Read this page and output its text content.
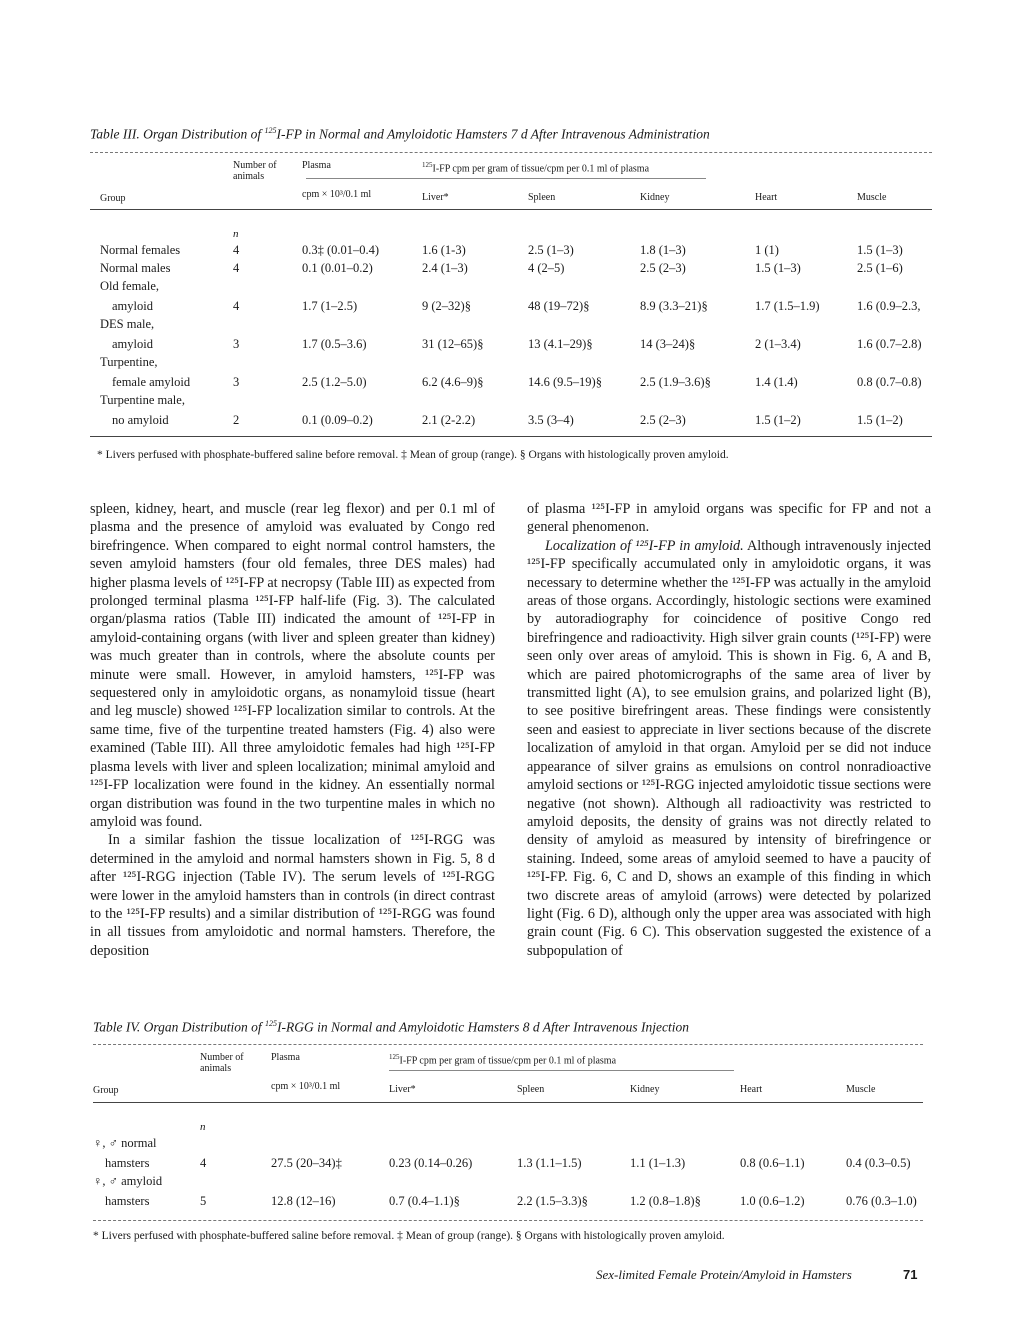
Table III. Organ Distribution of $^{125}$I-FP in Normal and Amyloidotic Hamsters 7 d After Intravenous Administration
Group	Number of animals	
Plasma
cpm × 10³/0.1 ml

$^{125}$I-FP cpm per gram of tissue/cpm per 0.1 ml of plasma
Liver*	Spleen	Kidney	Heart	Muscle
	n						
Normal females	4	0.3‡ (0.01–0.4)	1.6 (1-3)	2.5 (1–3)	1.8 (1–3)	1 (1)	1.5 (1–3)
Normal males	4	0.1 (0.01–0.2)	2.4 (1–3)	4 (2–5)	2.5 (2–3)	1.5 (1–3)	2.5 (1–6)
Old female,							
amyloid	4	1.7 (1–2.5)	9 (2–32)§	48 (19–72)§	8.9 (3.3–21)§	1.7 (1.5–1.9)	1.6 (0.9–2.3,
DES male,							
amyloid	3	1.7 (0.5–3.6)	31 (12–65)§	13 (4.1–29)§	14 (3–24)§	2 (1–3.4)	1.6 (0.7–2.8)
Turpentine,							
female amyloid	3	2.5 (1.2–5.0)	6.2 (4.6–9)§	14.6 (9.5–19)§	2.5 (1.9–3.6)§	1.4 (1.4)	0.8 (0.7–0.8)
Turpentine male,							
no amyloid	2	0.1 (0.09–0.2)	2.1 (2-2.2)	3.5 (3–4)	2.5 (2–3)	1.5 (1–2)	1.5 (1–2)
* Livers perfused with phosphate-buffered saline before removal. ‡ Mean of group (range). § Organs with histologically proven amyloid.

spleen, kidney, heart, and muscle (rear leg flexor) and per 0.1 ml of plasma and the presence of amyloid was evaluated by Congo red birefringence. When compared to eight normal control hamsters, the seven amyloid hamsters (four old females, three DES males) had higher plasma levels of ¹²⁵I-FP at necropsy (Table III) as expected from prolonged terminal plasma ¹²⁵I-FP half-life (Fig. 3). The calculated organ/plasma ratios (Table III) indicated the amount of ¹²⁵I-FP in amyloid-containing organs (with liver and spleen greater than kidney) was much greater than in controls, where the absolute counts per minute were small. However, in amyloid hamsters, ¹²⁵I-FP was sequestered only in amyloidotic organs, as nonamyloid tissue (heart and leg muscle) showed ¹²⁵I-FP localization similar to controls. At the same time, five of the turpentine treated hamsters (Fig. 4) also were examined (Table III). All three amyloidotic females had high ¹²⁵I-FP plasma levels with liver and spleen localization; minimal amyloid and ¹²⁵I-FP localization were found in the kidney. An essentially normal organ distribution was found in the two turpentine males in which no amyloid was found.

In a similar fashion the tissue localization of ¹²⁵I-RGG was determined in the amyloid and normal hamsters shown in Fig. 5, 8 d after ¹²⁵I-RGG injection (Table IV). The serum levels of ¹²⁵I-RGG were lower in the amyloid hamsters than in controls (in direct contrast to the ¹²⁵I-FP results) and a similar distribution of ¹²⁵I-RGG was found in all tissues from amyloidotic and normal hamsters. Therefore, the deposition

of plasma ¹²⁵I-FP in amyloid organs was specific for FP and not a general phenomenon.

Localization of ¹²⁵I-FP in amyloid. Although intravenously injected ¹²⁵I-FP specifically accumulated only in amyloidotic organs, it was necessary to determine whether the ¹²⁵I-FP was actually in the amyloid areas of those organs. Accordingly, histologic sections were examined by autoradiography for coincidence of positive Congo red birefringence and radioactivity. High silver grain counts (¹²⁵I-FP) were seen only over areas of amyloid. This is shown in Fig. 6, A and B, which are paired photomicrographs of the same area of liver by transmitted light (A), to see emulsion grains, and polarized light (B), to see positive birefringent areas. These findings were consistently seen and easiest to appreciate in liver sections because of the discrete localization of amyloid in that organ. Amyloid per se did not induce appearance of silver grains as emulsions on control nonradioactive amyloid sections or ¹²⁵I-RGG injected amyloidotic tissue sections were negative (not shown). Although all radioactivity was restricted to amyloid deposits, the density of grains was not directly related to density of amyloid as measured by intensity of birefringence or staining. Indeed, some areas of amyloid seemed to have a paucity of ¹²⁵I-FP. Fig. 6, C and D, shows an example of this finding in which two discrete areas of amyloid (arrows) were detected by polarized light (Fig. 6 D), although only the upper area was associated with high grain count (Fig. 6 C). This observation suggested the existence of a subpopulation of

Table IV. Organ Distribution of $^{125}$I-RGG in Normal and Amyloidotic Hamsters 8 d After Intravenous Injection
Group	Number of animals	
Plasma
cpm × 10³/0.1 ml

$^{125}$I-FP cpm per gram of tissue/cpm per 0.1 ml of plasma
Liver*	Spleen	Kidney	Heart	Muscle
	n						
♀, ♂ normal							
hamsters	4	27.5 (20–34)‡	0.23 (0.14–0.26)	1.3 (1.1–1.5)	1.1 (1–1.3)	0.8 (0.6–1.1)	0.4 (0.3–0.5)
♀, ♂ amyloid							
hamsters	5	12.8 (12–16)	0.7 (0.4–1.1)§	2.2 (1.5–3.3)§	1.2 (0.8–1.8)§	1.0 (0.6–1.2)	0.76 (0.3–1.0)
* Livers perfused with phosphate-buffered saline before removal. ‡ Mean of group (range). § Organs with histologically proven amyloid.
Sex-limited Female Protein/Amyloid in Hamsters	71
